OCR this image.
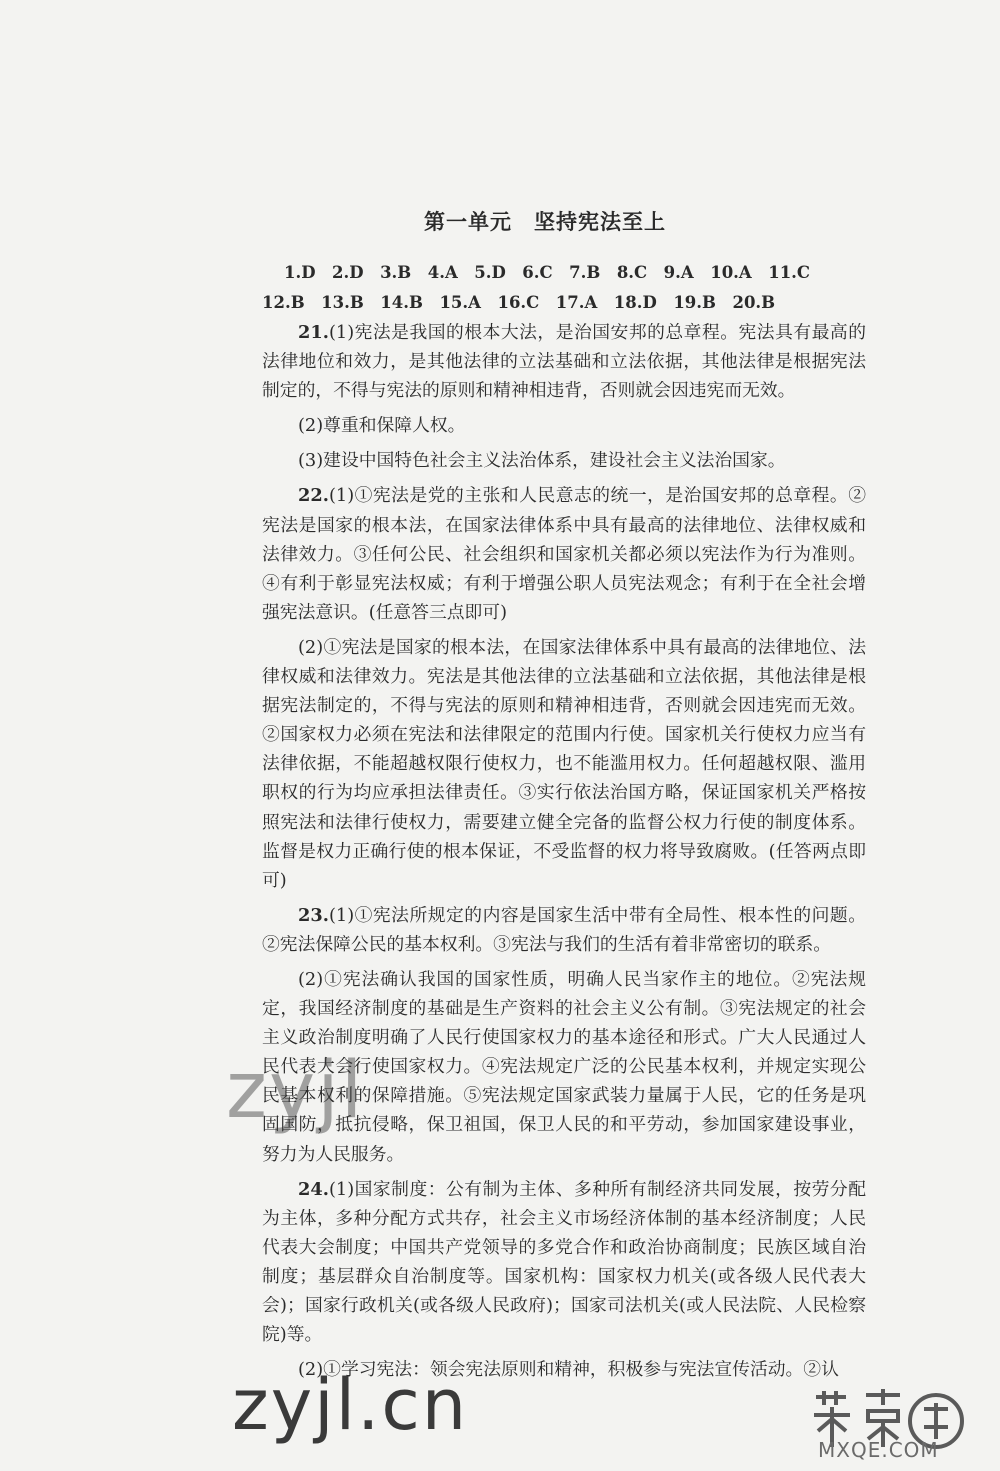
第一单元　坚持宪法至上
1.D　2.D　3.B　4.A　5.D　6.C　7.B　8.C　9.A　10.A　11.C
12.B　13.B　14.B　15.A　16.C　17.A　18.D　19.B　20.B

21.(1)宪法是我国的根本大法，是治国安邦的总章程。宪法具有最高的法律地位和效力，是其他法律的立法基础和立法依据，其他法律是根据宪法制定的，不得与宪法的原则和精神相违背，否则就会因违宪而无效。

(2)尊重和保障人权。

(3)建设中国特色社会主义法治体系，建设社会主义法治国家。

22.(1)①宪法是党的主张和人民意志的统一，是治国安邦的总章程。②宪法是国家的根本法，在国家法律体系中具有最高的法律地位、法律权威和法律效力。③任何公民、社会组织和国家机关都必须以宪法作为行为准则。④有利于彰显宪法权威；有利于增强公职人员宪法观念；有利于在全社会增强宪法意识。(任意答三点即可)

(2)①宪法是国家的根本法，在国家法律体系中具有最高的法律地位、法律权威和法律效力。宪法是其他法律的立法基础和立法依据，其他法律是根据宪法制定的，不得与宪法的原则和精神相违背，否则就会因违宪而无效。②国家权力必须在宪法和法律限定的范围内行使。国家机关行使权力应当有法律依据，不能超越权限行使权力，也不能滥用权力。任何超越权限、滥用职权的行为均应承担法律责任。③实行依法治国方略，保证国家机关严格按照宪法和法律行使权力，需要建立健全完备的监督公权力行使的制度体系。监督是权力正确行使的根本保证，不受监督的权力将导致腐败。(任答两点即可)

23.(1)①宪法所规定的内容是国家生活中带有全局性、根本性的问题。②宪法保障公民的基本权利。③宪法与我们的生活有着非常密切的联系。

(2)①宪法确认我国的国家性质，明确人民当家作主的地位。②宪法规定，我国经济制度的基础是生产资料的社会主义公有制。③宪法规定的社会主义政治制度明确了人民行使国家权力的基本途径和形式。广大人民通过人民代表大会行使国家权力。④宪法规定广泛的公民基本权利，并规定实现公民基本权利的保障措施。⑤宪法规定国家武装力量属于人民，它的任务是巩固国防，抵抗侵略，保卫祖国，保卫人民的和平劳动，参加国家建设事业，努力为人民服务。

24.(1)国家制度：公有制为主体、多种所有制经济共同发展，按劳分配为主体，多种分配方式共存，社会主义市场经济体制的基本经济制度；人民代表大会制度；中国共产党领导的多党合作和政治协商制度；民族区域自治制度；基层群众自治制度等。国家机构：国家权力机关(或各级人民代表大会)；国家行政机关(或各级人民政府)；国家司法机关(或人民法院、人民检察院)等。

(2)①学习宪法：领会宪法原则和精神，积极参与宪法宣传活动。②认

zyjl
zyjl.cn
MXQE.COM
